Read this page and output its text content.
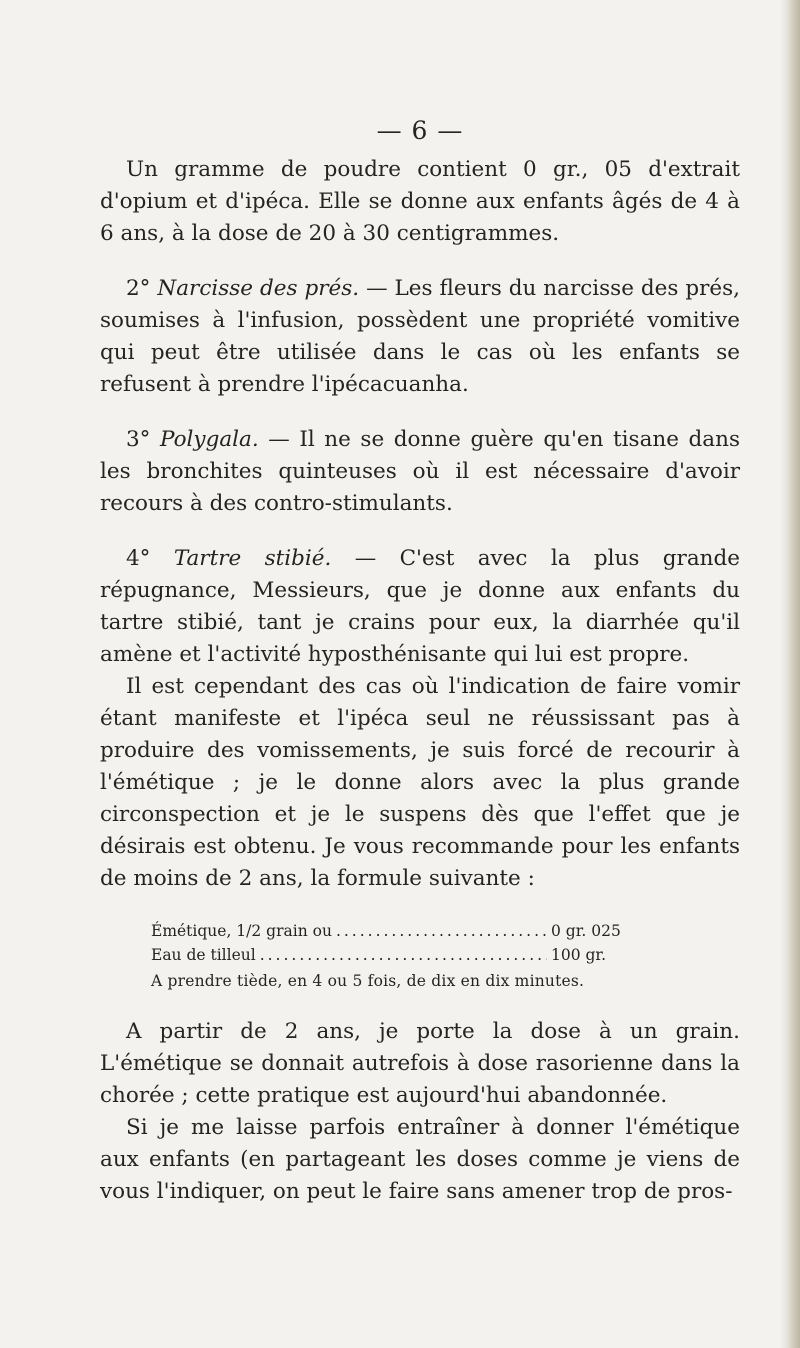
— 6 —

Un gramme de poudre contient 0 gr., 05 d'extrait d'opium et d'ipéca. Elle se donne aux enfants âgés de 4 à 6 ans, à la dose de 20 à 30 centigrammes.

2° Narcisse des prés. — Les fleurs du narcisse des prés, soumises à l'infusion, possèdent une propriété vomitive qui peut être utilisée dans le cas où les enfants se refusent à prendre l'ipécacuanha.

3° Polygala. — Il ne se donne guère qu'en tisane dans les bronchites quinteuses où il est nécessaire d'avoir recours à des contro-stimulants.

4° Tartre stibié. — C'est avec la plus grande répugnance, Messieurs, que je donne aux enfants du tartre stibié, tant je crains pour eux, la diarrhée qu'il amène et l'activité hyposthénisante qui lui est propre.

Il est cependant des cas où l'indication de faire vomir étant manifeste et l'ipéca seul ne réussissant pas à produire des vomissements, je suis forcé de recourir à l'émétique ; je le donne alors avec la plus grande circonspection et je le suspens dès que l'effet que je désirais est obtenu. Je vous recommande pour les enfants de moins de 2 ans, la formule suivante :

Émétique, 1/2 grain ou .....	0 gr. 025
Eau de tilleul .....	100 gr.
A prendre tiède, en 4 ou 5 fois, de dix en dix minutes.

A partir de 2 ans, je porte la dose à un grain. L'émétique se donnait autrefois à dose rasorienne dans la chorée ; cette pratique est aujourd'hui abandonnée.

Si je me laisse parfois entraîner à donner l'émétique aux enfants (en partageant les doses comme je viens de vous l'indiquer, on peut le faire sans amener trop de pros-
